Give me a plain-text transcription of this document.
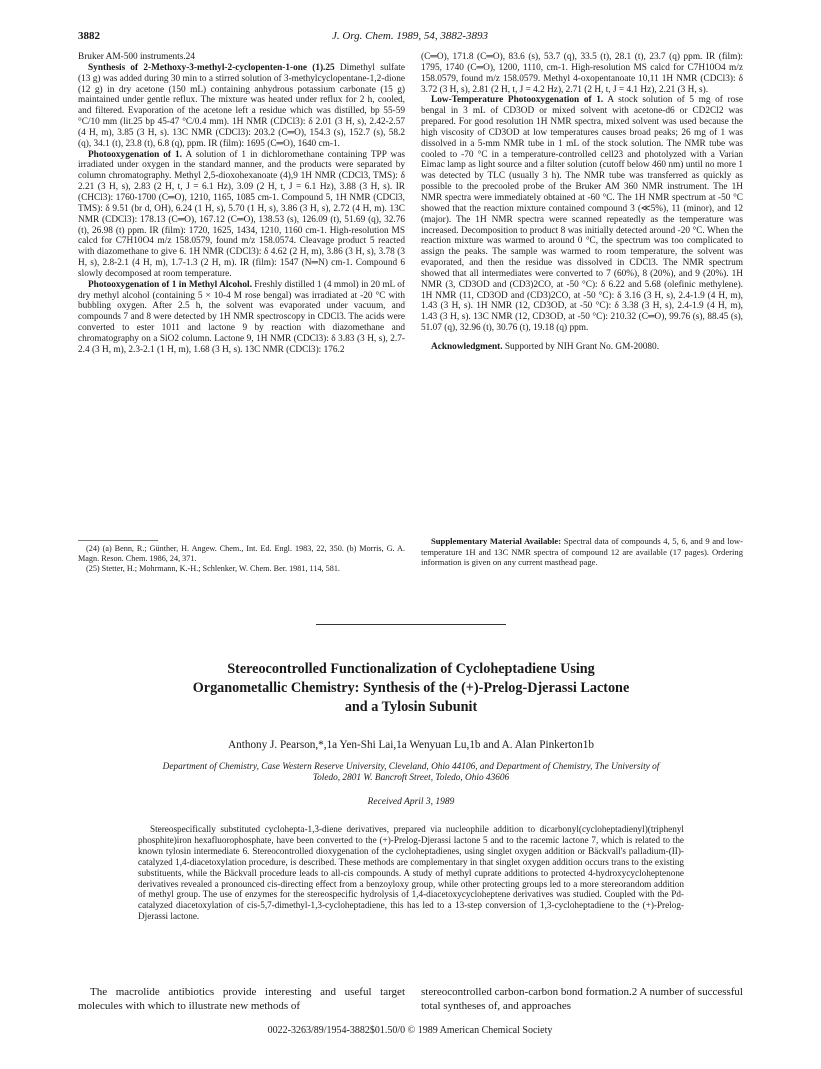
3882	J. Org. Chem. 1989, 54, 3882-3893

Bruker AM-500 instruments.24

Synthesis of 2-Methoxy-3-methyl-2-cyclopenten-1-one (1).25 Dimethyl sulfate (13 g) was added during 30 min to a stirred solution of 3-methylcyclopentane-1,2-dione (12 g) in dry acetone (150 mL) containing anhydrous potassium carbonate (15 g) maintained under gentle reflux. The mixture was heated under reflux for 2 h, cooled, and filtered. Evaporation of the acetone left a residue which was distilled, bp 55-59 °C/10 mm (lit.25 bp 45-47 °C/0.4 mm). 1H NMR (CDCl3): δ 2.01 (3 H, s), 2.42-2.57 (4 H, m), 3.85 (3 H, s). 13C NMR (CDCl3): 203.2 (C═O), 154.3 (s), 152.7 (s), 58.2 (q), 34.1 (t), 23.8 (t), 6.8 (q), ppm. IR (film): 1695 (C═O), 1640 cm-1.

Photooxygenation of 1. A solution of 1 in dichloromethane containing TPP was irradiated under oxygen in the standard manner, and the products were separated by column chromatography. Methyl 2,5-dioxohexanoate (4),9 1H NMR (CDCl3, TMS): δ 2.21 (3 H, s), 2.83 (2 H, t, J = 6.1 Hz), 3.09 (2 H, t, J = 6.1 Hz), 3.88 (3 H, s). IR (CHCl3): 1760-1700 (C═O), 1210, 1165, 1085 cm-1. Compound 5, 1H NMR (CDCl3, TMS): δ 9.51 (br d, OH), 6.24 (1 H, s), 5.70 (1 H, s), 3.86 (3 H, s), 2.72 (4 H, m). 13C NMR (CDCl3): 178.13 (C═O), 167.12 (C═O), 138.53 (s), 126.09 (t), 51.69 (q), 32.76 (t), 26.98 (t) ppm. IR (film): 1720, 1625, 1434, 1210, 1160 cm-1. High-resolution MS calcd for C7H10O4 m/z 158.0579, found m/z 158.0574. Cleavage product 5 reacted with diazomethane to give 6. 1H NMR (CDCl3): δ 4.62 (2 H, m), 3.86 (3 H, s), 3.78 (3 H, s), 2.8-2.1 (4 H, m), 1.7-1.3 (2 H, m). IR (film): 1547 (N═N) cm-1. Compound 6 slowly decomposed at room temperature.

Photooxygenation of 1 in Methyl Alcohol. Freshly distilled 1 (4 mmol) in 20 mL of dry methyl alcohol (containing 5 × 10-4 M rose bengal) was irradiated at -20 °C with bubbling oxygen. After 2.5 h, the solvent was evaporated under vacuum, and compounds 7 and 8 were detected by 1H NMR spectroscopy in CDCl3. The acids were converted to ester 1011 and lactone 9 by reaction with diazomethane and chromatography on a SiO2 column. Lactone 9, 1H NMR (CDCl3): δ 3.83 (3 H, s), 2.7-2.4 (3 H, m), 2.3-2.1 (1 H, m), 1.68 (3 H, s). 13C NMR (CDCl3): 176.2

(C═O), 171.8 (C═O), 83.6 (s), 53.7 (q), 33.5 (t), 28.1 (t), 23.7 (q) ppm. IR (film): 1795, 1740 (C═O), 1200, 1110, cm-1. High-resolution MS calcd for C7H10O4 m/z 158.0579, found m/z 158.0579. Methyl 4-oxopentanoate 10,11 1H NMR (CDCl3): δ 3.72 (3 H, s), 2.81 (2 H, t, J = 4.2 Hz), 2.71 (2 H, t, J = 4.1 Hz), 2.21 (3 H, s).

Low-Temperature Photooxygenation of 1. A stock solution of 5 mg of rose bengal in 3 mL of CD3OD or mixed solvent with acetone-d6 or CD2Cl2 was prepared. For good resolution 1H NMR spectra, mixed solvent was used because the high viscosity of CD3OD at low temperatures causes broad peaks; 26 mg of 1 was dissolved in a 5-mm NMR tube in 1 mL of the stock solution. The NMR tube was cooled to -70 °C in a temperature-controlled cell23 and photolyzed with a Varian Eimac lamp as light source and a filter solution (cutoff below 460 nm) until no more 1 was detected by TLC (usually 3 h). The NMR tube was transferred as quickly as possible to the precooled probe of the Bruker AM 360 NMR instrument. The 1H NMR spectra were immediately obtained at -60 °C. The 1H NMR spectrum at -50 °C showed that the reaction mixture contained compound 3 (≪5%), 11 (minor), and 12 (major). The 1H NMR spectra were scanned repeatedly as the temperature was increased. Decomposition to product 8 was initially detected around -20 °C. When the reaction mixture was warmed to around 0 °C, the spectrum was too complicated to assign the peaks. The sample was warmed to room temperature, the solvent was evaporated, and then the residue was dissolved in CDCl3. The NMR spectrum showed that all intermediates were converted to 7 (60%), 8 (20%), and 9 (20%). 1H NMR (3, CD3OD and (CD3)2CO, at -50 °C): δ 6.22 and 5.68 (olefinic methylene). 1H NMR (11, CD3OD and (CD3)2CO, at -50 °C): δ 3.16 (3 H, s), 2.4-1.9 (4 H, m), 1.43 (3 H, s). 1H NMR (12, CD3OD, at -50 °C): δ 3.38 (3 H, s), 2.4-1.9 (4 H, m), 1.43 (3 H, s). 13C NMR (12, CD3OD, at -50 °C): 210.32 (C═O), 99.76 (s), 88.45 (s), 51.07 (q), 32.96 (t), 30.76 (t), 19.18 (q) ppm.

Acknowledgment. Supported by NIH Grant No. GM-20080.

(24) (a) Benn, R.; Günther, H. Angew. Chem., Int. Ed. Engl. 1983, 22, 350. (b) Morris, G. A. Magn. Reson. Chem. 1986, 24, 371.

(25) Stetter, H.; Mohrmann, K.-H.; Schlenker, W. Chem. Ber. 1981, 114, 581.

Supplementary Material Available: Spectral data of compounds 4, 5, 6, and 9 and low-temperature 1H and 13C NMR spectra of compound 12 are available (17 pages). Ordering information is given on any current masthead page.

Stereocontrolled Functionalization of Cycloheptadiene Using
Organometallic Chemistry: Synthesis of the (+)-Prelog-Djerassi Lactone
and a Tylosin Subunit
Anthony J. Pearson,*,1a Yen-Shi Lai,1a Wenyuan Lu,1b and A. Alan Pinkerton1b
Department of Chemistry, Case Western Reserve University, Cleveland, Ohio 44106, and Department of Chemistry, The University of Toledo, 2801 W. Bancroft Street, Toledo, Ohio 43606
Received April 3, 1989
Stereospecifically substituted cyclohepta-1,3-diene derivatives, prepared via nucleophile addition to dicarbonyl(cycloheptadienyl)(triphenyl phosphite)iron hexafluorophosphate, have been converted to the (+)-Prelog-Djerassi lactone 5 and to the racemic lactone 7, which is related to the known tylosin intermediate 6. Stereocontrolled dioxygenation of the cycloheptadienes, using singlet oxygen addition or Bäckvall's palladium-(II)-catalyzed 1,4-diacetoxylation procedure, is described. These methods are complementary in that singlet oxygen addition occurs trans to the existing substituents, while the Bäckvall procedure leads to all-cis compounds. A study of methyl cuprate additions to protected 4-hydroxycycloheptenone derivatives revealed a pronounced cis-directing effect from a benzoyloxy group, while other protecting groups led to a more stereorandom addition of methyl group. The use of enzymes for the stereospecific hydrolysis of 1,4-diacetoxycycloheptene derivatives was studied. Coupled with the Pd-catalyzed diacetoxylation of cis-5,7-dimethyl-1,3-cycloheptadiene, this has led to a 13-step conversion of 1,3-cycloheptadiene to the (+)-Prelog-Djerassi lactone.
The macrolide antibiotics provide interesting and useful target molecules with which to illustrate new methods of
stereocontrolled carbon-carbon bond formation.2 A number of successful total syntheses of, and approaches
0022-3263/89/1954-3882$01.50/0 © 1989 American Chemical Society
